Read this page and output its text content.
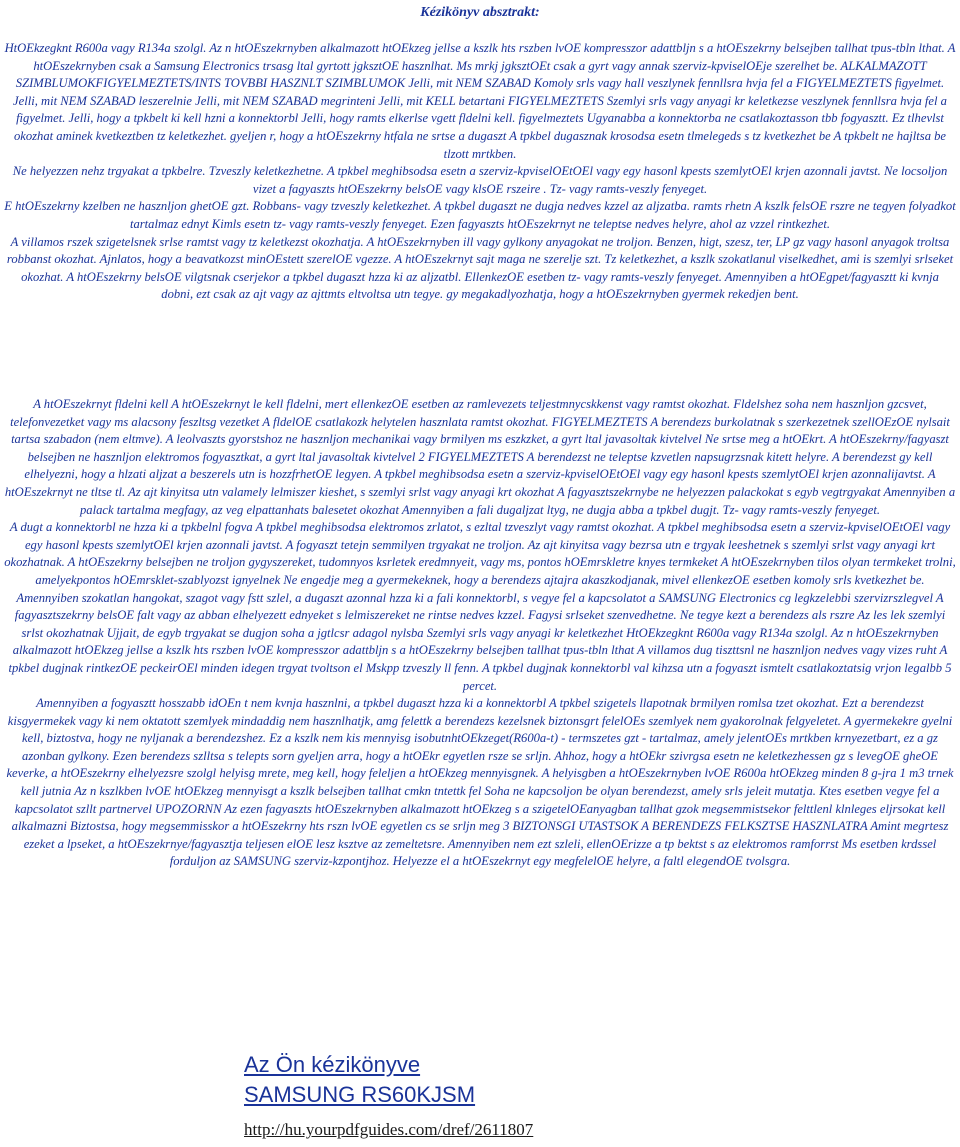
Kézikönyv absztrakt:

HtOEkzegknt R600a vagy R134a szolgl. Az n htOEszekrnyben alkalmazott htOEkzeg jellse a kszlk hts rszben lvOE kompresszor adattbljn s a htOEszekrny belsejben tallhat tpus-tbln lthat. A htOEszekrnyben csak a Samsung Electronics trsasg ltal gyrtott jgksztOE hasznlhat. Ms mrkj jgksztOEt csak a gyrt vagy annak szerviz-kpviselOEje szerelhet be. ALKALMAZOTT SZIMBLUMOKFIGYELMEZTETS/INTS TOVBBI HASZNLT SZIMBLUMOK Jelli, mit NEM SZABAD Komoly srls vagy hall veszlynek fennllsra hvja fel a FIGYELMEZTETS figyelmet. Jelli, mit NEM SZABAD leszerelnie Jelli, mit NEM SZABAD megrinteni Jelli, mit KELL betartani FIGYELMEZTETS Szemlyi srls vagy anyagi kr keletkezse veszlynek fennllsra hvja fel a figyelmet. Jelli, hogy a tpkbelt ki kell hzni a konnektorbl Jelli, hogy ramts elkerlse vgett fldelni kell. figyelmeztets Ugyanabba a konnektorba ne csatlakoztasson tbb fogyasztt. Ez tlhevlst okozhat aminek kvetkeztben tz keletkezhet. gyeljen r, hogy a htOEszekrny htfala ne srtse a dugaszt A tpkbel dugasznak krosodsa esetn tlmelegeds s tz kvetkezhet be A tpkbelt ne hajltsa be tlzott mrtkben.

Ne helyezzen nehz trgyakat a tpkbelre. Tzveszly keletkezhetne. A tpkbel meghibsodsa esetn a szerviz-kpviselOEtOEl vagy egy hasonl kpests szemlytOEl krjen azonnali javtst. Ne locsoljon vizet a fagyaszts htOEszekrny belsOE vagy klsOE rszeire . Tz- vagy ramts-veszly fenyeget.

E htOEszekrny kzelben ne hasznljon ghetOE gzt. Robbans- vagy tzveszly keletkezhet. A tpkbel dugaszt ne dugja nedves kzzel az aljzatba. ramts rhetn A kszlk felsOE rszre ne tegyen folyadkot tartalmaz ednyt Kimls esetn tz- vagy ramts-veszly fenyeget. Ezen fagyaszts htOEszekrnyt ne teleptse nedves helyre, ahol az vzzel rintkezhet.

A villamos rszek szigetelsnek srlse ramtst vagy tz keletkezst okozhatja. A htOEszekrnyben ill vagy gylkony anyagokat ne troljon. Benzen, higt, szesz, ter, LP gz vagy hasonl anyagok troltsa robbanst okozhat. Ajnlatos, hogy a beavatkozst minOEstett szerelOE vgezze. A htOEszekrnyt sajt maga ne szerelje szt. Tz keletkezhet, a kszlk szokatlanul viselkedhet, ami is szemlyi srlseket okozhat. A htOEszekrny belsOE vilgtsnak cserjekor a tpkbel dugaszt hzza ki az aljzatbl. EllenkezOE esetben tz- vagy ramts-veszly fenyeget. Amennyiben a htOEgpet/fagyasztt ki kvnja dobni, ezt csak az ajt vagy az ajttmts eltvoltsa utn tegye. gy megakadlyozhatja, hogy a htOEszekrnyben gyermek rekedjen bent.

A htOEszekrnyt fldelni kell A htOEszekrnyt le kell fldelni, mert ellenkezOE esetben az ramlevezets teljestmnycskkenst vagy ramtst okozhat. Fldelshez soha nem hasznljon gzcsvet, telefonvezetket vagy ms alacsony feszltsg vezetket A fldelOE csatlakozk helytelen hasznlata ramtst okozhat. FIGYELMEZTETS A berendezs burkolatnak s szerkezetnek szellOEzOE nylsait tartsa szabadon (nem eltmve). A leolvaszts gyorstshoz ne hasznljon mechanikai vagy brmilyen ms eszkzket, a gyrt ltal javasoltak kivtelvel Ne srtse meg a htOEkrt. A htOEszekrny/fagyaszt belsejben ne hasznljon elektromos fogyasztkat, a gyrt ltal javasoltak kivtelvel 2 FIGYELMEZTETS A berendezst ne teleptse kzvetlen napsugrzsnak kitett helyre. A berendezst gy kell elhelyezni, hogy a hlzati aljzat a beszerels utn is hozzfrhetOE legyen. A tpkbel meghibsodsa esetn a szerviz-kpviselOEtOEl vagy egy hasonl kpests szemlytOEl krjen azonnalijavtst. A htOEszekrnyt ne tltse tl. Az ajt kinyitsa utn valamely lelmiszer kieshet, s szemlyi srlst vagy anyagi krt okozhat A fagyasztszekrnybe ne helyezzen palackokat s egyb vegtrgyakat Amennyiben a palack tartalma megfagy, az veg elpattanhats balesetet okozhat Amennyiben a fali dugaljzat ltyg, ne dugja abba a tpkbel dugjt. Tz- vagy ramts-veszly fenyeget.

A dugt a konnektorbl ne hzza ki a tpkbelnl fogva A tpkbel meghibsodsa elektromos zrlatot, s ezltal tzveszlyt vagy ramtst okozhat. A tpkbel meghibsodsa esetn a szerviz-kpviselOEtOEl vagy egy hasonl kpests szemlytOEl krjen azonnali javtst. A fogyaszt tetejn semmilyen trgyakat ne troljon. Az ajt kinyitsa vagy bezrsa utn e trgyak leeshetnek s szemlyi srlst vagy anyagi krt okozhatnak. A htOEszekrny belsejben ne troljon gygyszereket, tudomnyos ksrletek eredmnyeit, vagy ms, pontos hOEmrskletre knyes termkeket A htOEszekrnyben tilos olyan termkeket trolni, amelyekpontos hOEmrsklet-szablyozst ignyelnek Ne engedje meg a gyermekeknek, hogy a berendezs ajtajra akaszkodjanak, mivel ellenkezOE esetben komoly srls kvetkezhet be.

Amennyiben szokatlan hangokat, szagot vagy fstt szlel, a dugaszt azonnal hzza ki a fali konnektorbl, s vegye fel a kapcsolatot a SAMSUNG Electronics cg legkzelebbi szervizrszlegvel A fagyasztszekrny belsOE falt vagy az abban elhelyezett ednyeket s lelmiszereket ne rintse nedves kzzel. Fagysi srlseket szenvedhetne. Ne tegye kezt a berendezs als rszre Az les lek szemlyi srlst okozhatnak Ujjait, de egyb trgyakat se dugjon soha a jgtlcsr adagol nylsba Szemlyi srls vagy anyagi kr keletkezhet HtOEkzegknt R600a vagy R134a szolgl. Az n htOEszekrnyben alkalmazott htOEkzeg jellse a kszlk hts rszben lvOE kompresszor adattbljn s a htOEszekrny belsejben tallhat tpus-tbln lthat A villamos dug tiszttsnl ne hasznljon nedves vagy vizes ruht A tpkbel dugjnak rintkezOE peckeirOEl minden idegen trgyat tvoltson el Mskpp tzveszly ll fenn. A tpkbel dugjnak konnektorbl val kihzsa utn a fogyaszt ismtelt csatlakoztatsig vrjon legalbb 5 percet.

Amennyiben a fogyasztt hosszabb idOEn t nem kvnja hasznlni, a tpkbel dugaszt hzza ki a konnektorbl A tpkbel szigetels llapotnak brmilyen romlsa tzet okozhat. Ezt a berendezst kisgyermekek vagy ki nem oktatott szemlyek mindaddig nem hasznlhatjk, amg felettk a berendezs kezelsnek biztonsgrt felelOEs szemlyek nem gyakorolnak felgyeletet. A gyermekekre gyelni kell, biztostva, hogy ne nyljanak a berendezshez. Ez a kszlk nem kis mennyisg isobutnhtOEkzeget(R600a-t) - termszetes gzt - tartalmaz, amely jelentOEs mrtkben krnyezetbart, ez a gz azonban gylkony. Ezen berendezs szlltsa s telepts sorn gyeljen arra, hogy a htOEkr egyetlen rsze se srljn. Ahhoz, hogy a htOEkr szivrgsa esetn ne keletkezhessen gz s levegOE gheOE keverke, a htOEszekrny elhelyezsre szolgl helyisg mrete, meg kell, hogy feleljen a htOEkzeg mennyisgnek. A helyisgben a htOEszekrnyben lvOE R600a htOEkzeg minden 8 g-jra 1 m3 trnek kell jutnia Az n kszlkben lvOE htOEkzeg mennyisgt a kszlk belsejben tallhat cmkn tntettk fel Soha ne kapcsoljon be olyan berendezst, amely srls jeleit mutatja. Ktes esetben vegye fel a kapcsolatot szllt partnervel UPOZORNN Az ezen fagyaszts htOEszekrnyben alkalmazott htOEkzeg s a szigetelOEanyagban tallhat gzok megsemmistsekor felttlenl klnleges eljrsokat kell alkalmazni Biztostsa, hogy megsemmisskor a htOEszekrny hts rszn lvOE egyetlen cs se srljn meg 3 BIZTONSGI UTASTSOK A BERENDEZS FELKSZTSE HASZNLATRA Amint megrtesz ezeket a lpseket, a htOEszekrnye/fagyasztja teljesen elOE lesz ksztve az zemeltetsre. Amennyiben nem ezt szleli, ellenOErizze a tp bektst s az elektromos ramforrst Ms esetben krdssel forduljon az SAMSUNG szerviz-kzpontjhoz. Helyezze el a htOEszekrnyt egy megfelelOE helyre, a faltl elegendOE tvolsgra.

Az Ön kézikönyve
SAMSUNG RS60KJSM
http://hu.yourpdfguides.com/dref/2611807
